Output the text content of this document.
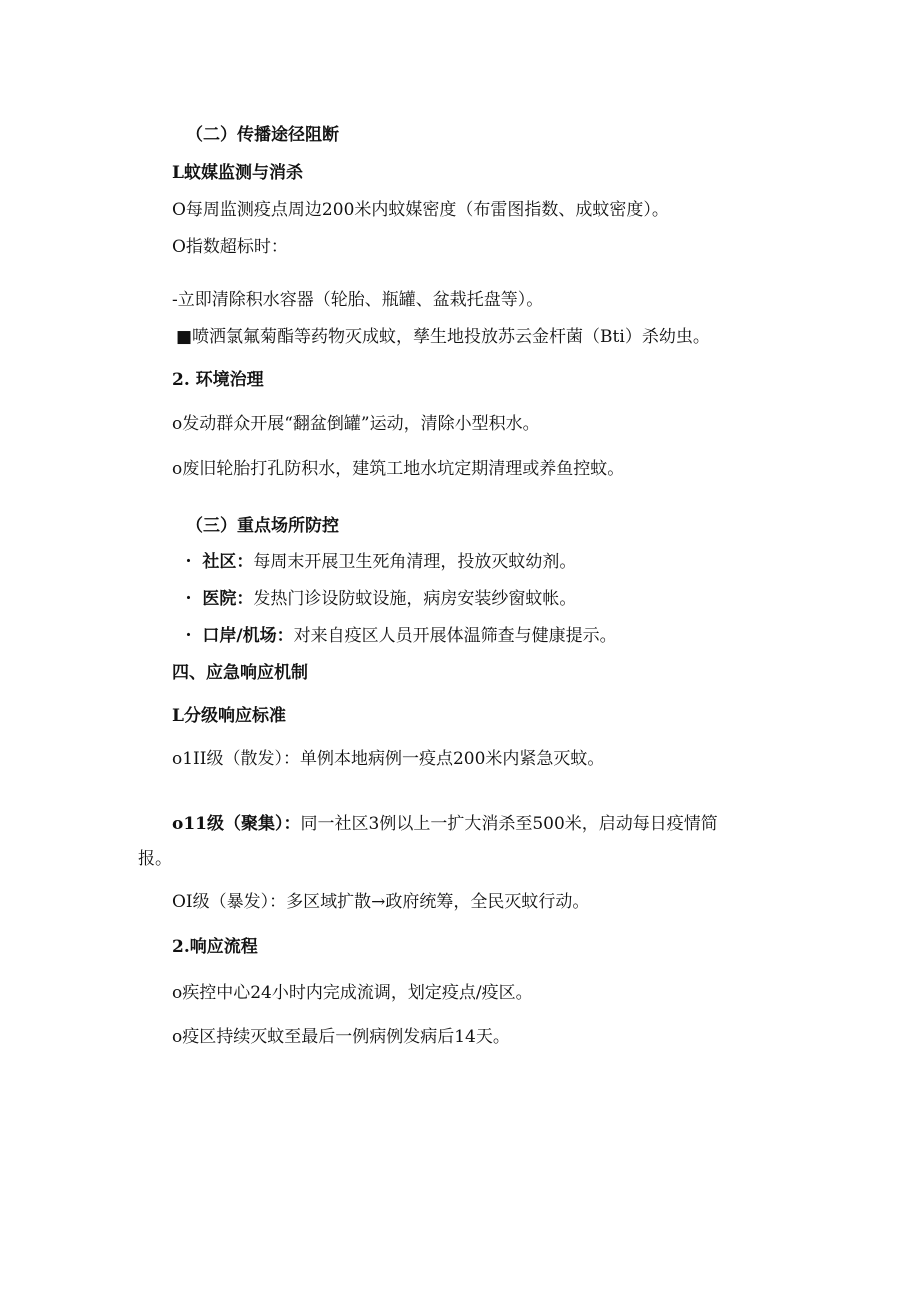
（二）传播途径阻断
L蚊媒监测与消杀
O每周监测疫点周边200米内蚊媒密度（布雷图指数、成蚊密度）。
O指数超标时：
-立即清除积水容器（轮胎、瓶罐、盆栽托盘等）。
■喷洒氯氟菊酯等药物灭成蚊，孳生地投放苏云金杆菌（Bti）杀幼虫。
2. 环境治理
o发动群众开展“翻盆倒罐”运动，清除小型积水。
o废旧轮胎打孔防积水，建筑工地水坑定期清理或养鱼控蚊。
（三）重点场所防控
・ 社区：每周末开展卫生死角清理，投放灭蚊幼剂。
・ 医院：发热门诊设防蚊设施，病房安装纱窗蚊帐。
・ 口岸/机场：对来自疫区人员开展体温筛查与健康提示。
四、应急响应机制
L分级响应标准
o1II级（散发）：单例本地病例一疫点200米内紧急灭蚊。
o11级（聚集）：同一社区3例以上一扩大消杀至500米，启动每日疫情简
报。
OI级（暴发）：多区域扩散→政府统筹，全民灭蚊行动。
2.响应流程
o疾控中心24小时内完成流调，划定疫点/疫区。
o疫区持续灭蚊至最后一例病例发病后14天。
